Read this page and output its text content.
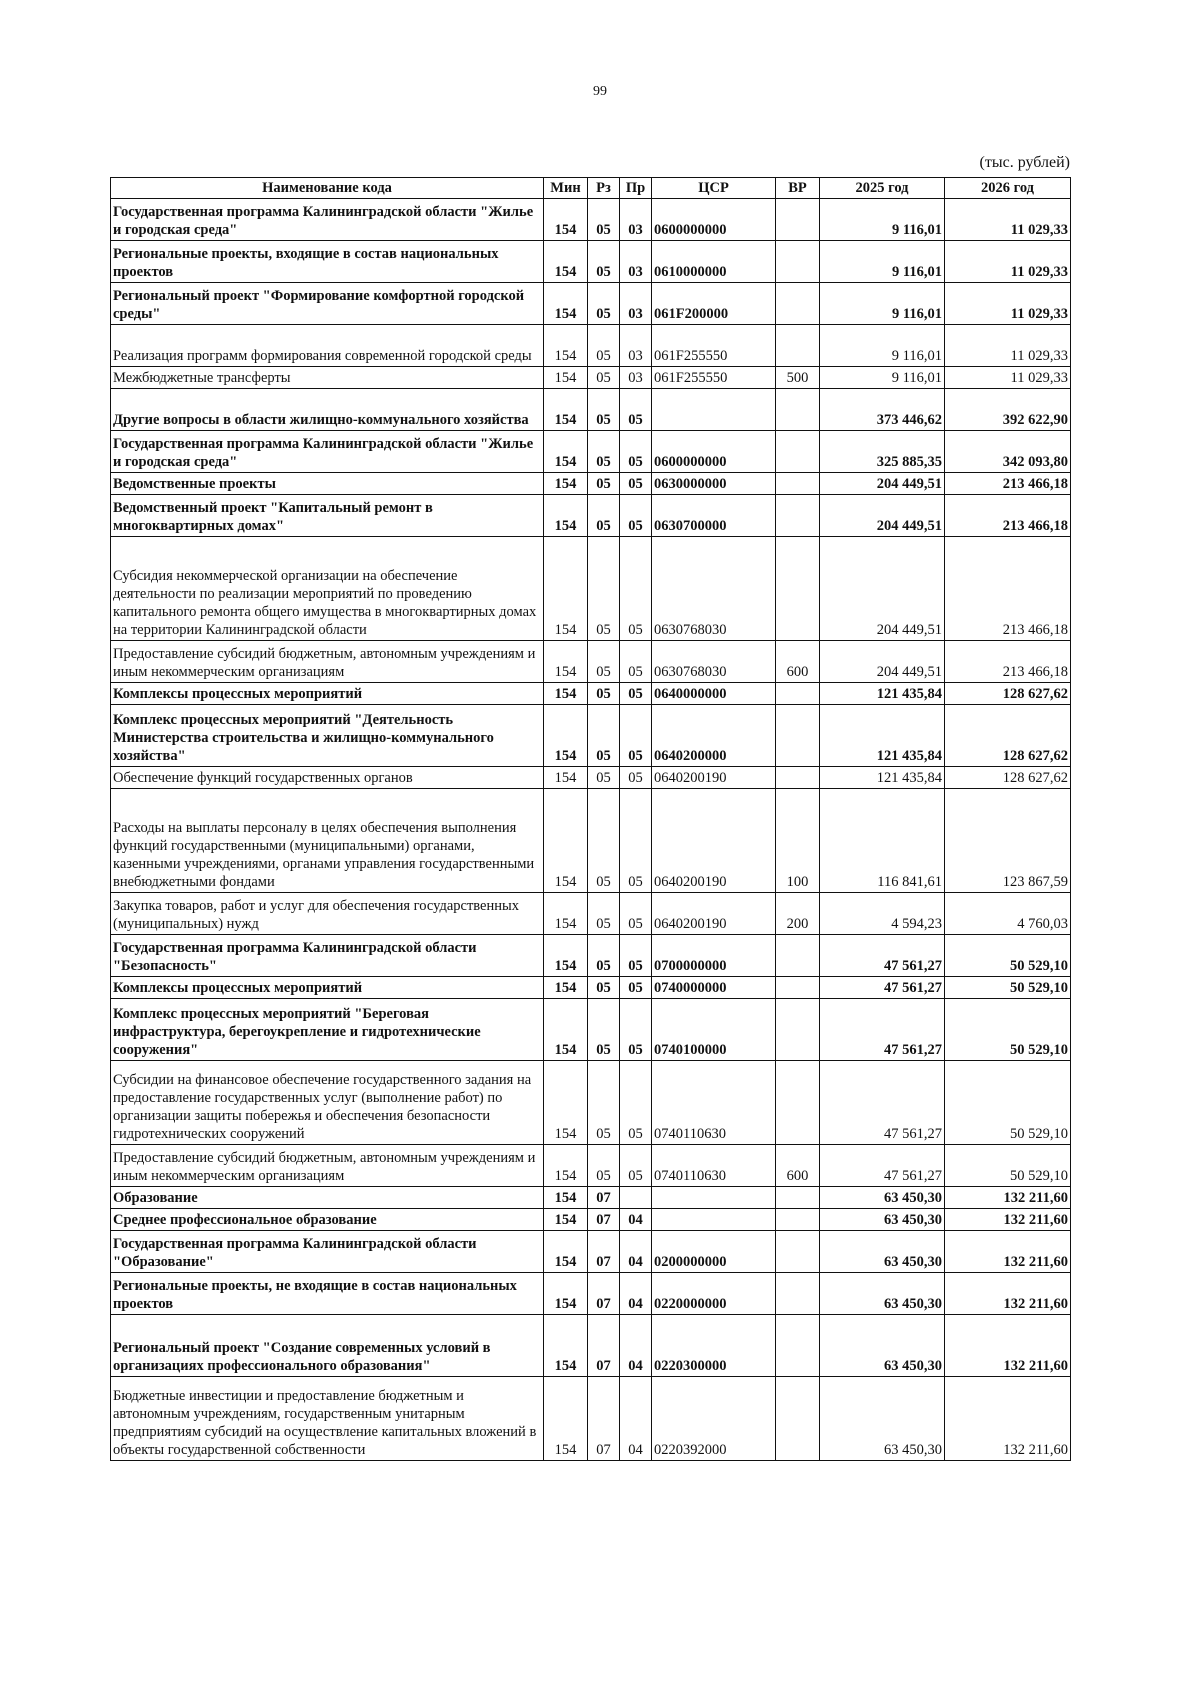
99
(тыс. рублей)
Наименование кода	Мин	Рз	Пр	ЦСР	ВР	2025 год	2026 год
Государственная программа Калининградской области "Жилье и городская среда"	154	05	03	0600000000		9 116,01	11 029,33
Региональные проекты, входящие в состав национальных проектов	154	05	03	0610000000		9 116,01	11 029,33
Региональный проект "Формирование комфортной городской среды"	154	05	03	061F200000		9 116,01	11 029,33
Реализация программ формирования современной городской среды	154	05	03	061F255550		9 116,01	11 029,33
Межбюджетные трансферты	154	05	03	061F255550	500	9 116,01	11 029,33
Другие вопросы в области жилищно-коммунального хозяйства	154	05	05			373 446,62	392 622,90
Государственная программа Калининградской области "Жилье и городская среда"	154	05	05	0600000000		325 885,35	342 093,80
Ведомственные проекты	154	05	05	0630000000		204 449,51	213 466,18
Ведомственный проект "Капитальный ремонт в многоквартирных домах"	154	05	05	0630700000		204 449,51	213 466,18
Субсидия некоммерческой организации на обеспечение деятельности по реализации мероприятий по проведению капитального ремонта общего имущества в многоквартирных домах на территории Калининградской области	154	05	05	0630768030		204 449,51	213 466,18
Предоставление субсидий бюджетным, автономным учреждениям и иным некоммерческим организациям	154	05	05	0630768030	600	204 449,51	213 466,18
Комплексы процессных мероприятий	154	05	05	0640000000		121 435,84	128 627,62
Комплекс процессных мероприятий "Деятельность Министерства строительства и жилищно-коммунального хозяйства"	154	05	05	0640200000		121 435,84	128 627,62
Обеспечение функций государственных органов	154	05	05	0640200190		121 435,84	128 627,62
Расходы на выплаты персоналу в целях обеспечения выполнения функций государственными (муниципальными) органами, казенными учреждениями, органами управления государственными внебюджетными фондами	154	05	05	0640200190	100	116 841,61	123 867,59
Закупка товаров, работ и услуг для обеспечения государственных (муниципальных) нужд	154	05	05	0640200190	200	4 594,23	4 760,03
Государственная программа Калининградской области "Безопасность"	154	05	05	0700000000		47 561,27	50 529,10
Комплексы процессных мероприятий	154	05	05	0740000000		47 561,27	50 529,10
Комплекс процессных мероприятий "Береговая инфраструктура, берегоукрепление и гидротехнические сооружения"	154	05	05	0740100000		47 561,27	50 529,10
Субсидии на финансовое обеспечение государственного задания на предоставление государственных услуг (выполнение работ) по организации защиты побережья и обеспечения безопасности гидротехнических сооружений	154	05	05	0740110630		47 561,27	50 529,10
Предоставление субсидий бюджетным, автономным учреждениям и иным некоммерческим организациям	154	05	05	0740110630	600	47 561,27	50 529,10
Образование	154	07				63 450,30	132 211,60
Среднее профессиональное образование	154	07	04			63 450,30	132 211,60
Государственная программа Калининградской области "Образование"	154	07	04	0200000000		63 450,30	132 211,60
Региональные проекты, не входящие в состав национальных проектов	154	07	04	0220000000		63 450,30	132 211,60
Региональный проект "Создание современных условий в организациях профессионального образования"	154	07	04	0220300000		63 450,30	132 211,60
Бюджетные инвестиции и предоставление бюджетным и автономным учреждениям, государственным унитарным предприятиям субсидий на осуществление капитальных вложений в объекты государственной собственности	154	07	04	0220392000		63 450,30	132 211,60
